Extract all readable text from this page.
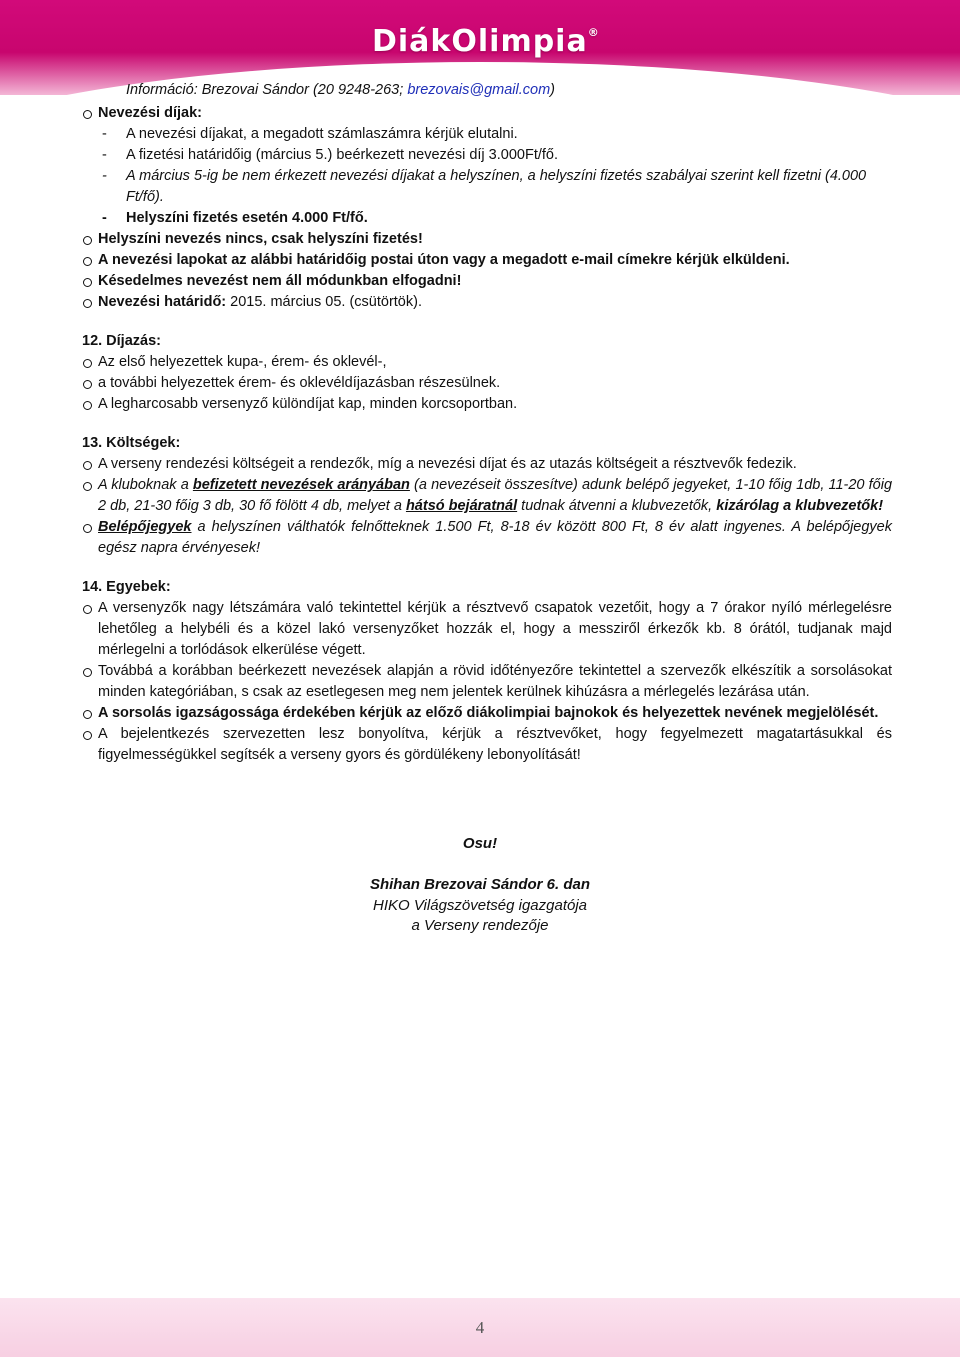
DiákOlimpia®
Információ: Brezovai Sándor (20 9248-263; brezovais@gmail.com)
Nevezési díjak:
- A nevezési díjakat, a megadott számlaszámra kérjük elutalni.
- A fizetési határidőig (március 5.) beérkezett nevezési díj 3.000Ft/fő.
- A március 5-ig be nem érkezett nevezési díjakat a helyszínen, a helyszíni fizetés szabályai szerint kell fizetni (4.000
Ft/fő).
- Helyszíni fizetés esetén 4.000 Ft/fő.
Helyszíni nevezés nincs, csak helyszíni fizetés!
A nevezési lapokat az alábbi határidőig postai úton vagy a megadott e-mail címekre kérjük elküldeni.
Késedelmes nevezést nem áll módunkban elfogadni!
Nevezési határidő: 2015. március 05. (csütörtök).
12. Díjazás:
Az első helyezettek kupa-, érem- és oklevél-,
a további helyezettek érem- és oklevéldíjazásban részesülnek.
A legharcosabb versenyző különdíjat kap, minden korcsoportban.
13. Költségek:
A verseny rendezési költségeit a rendezők, míg a nevezési díjat és az utazás költségeit a résztvevők fedezik.
A kluboknak a befizetett nevezések arányában (a nevezéseit összesítve) adunk belépő jegyeket, 1-10 főig 1db, 11-20 főig 2 db, 21-30 főig 3 db, 30 fő fölött 4 db, melyet a hátsó bejáratnál tudnak átvenni a klubvezetők, kizárólag a klubvezetők!
Belépőjegyek a helyszínen válthatók felnőtteknek 1.500 Ft, 8-18 év között 800 Ft, 8 év alatt ingyenes. A belépőjegyek egész napra érvényesek!
14. Egyebek:
A versenyzők nagy létszámára való tekintettel kérjük a résztvevő csapatok vezetőit, hogy a 7 órakor nyíló mérlegelésre lehetőleg a helybéli és a közel lakó versenyzőket hozzák el, hogy a messziről érkezők kb. 8 órától, tudjanak majd mérlegelni a torlódások elkerülése végett.
Továbbá a korábban beérkezett nevezések alapján a rövid időtényezőre tekintettel a szervezők elkészítik a sorsolásokat minden kategóriában, s csak az esetlegesen meg nem jelentek kerülnek kihúzásra a mérlegelés lezárása után.
A sorsolás igazságossága érdekében kérjük az előző diákolimpiai bajnokok és helyezettek nevének megjelölését.
A bejelentkezés szervezetten lesz bonyolítva, kérjük a résztvevőket, hogy fegyelmezett magatartásukkal és figyelmességükkel segítsék a verseny gyors és gördülékeny lebonyolítását!
Osu!
Shihan Brezovai Sándor 6. dan
HIKO Világszövetség igazgatója
a Verseny rendezője
4
